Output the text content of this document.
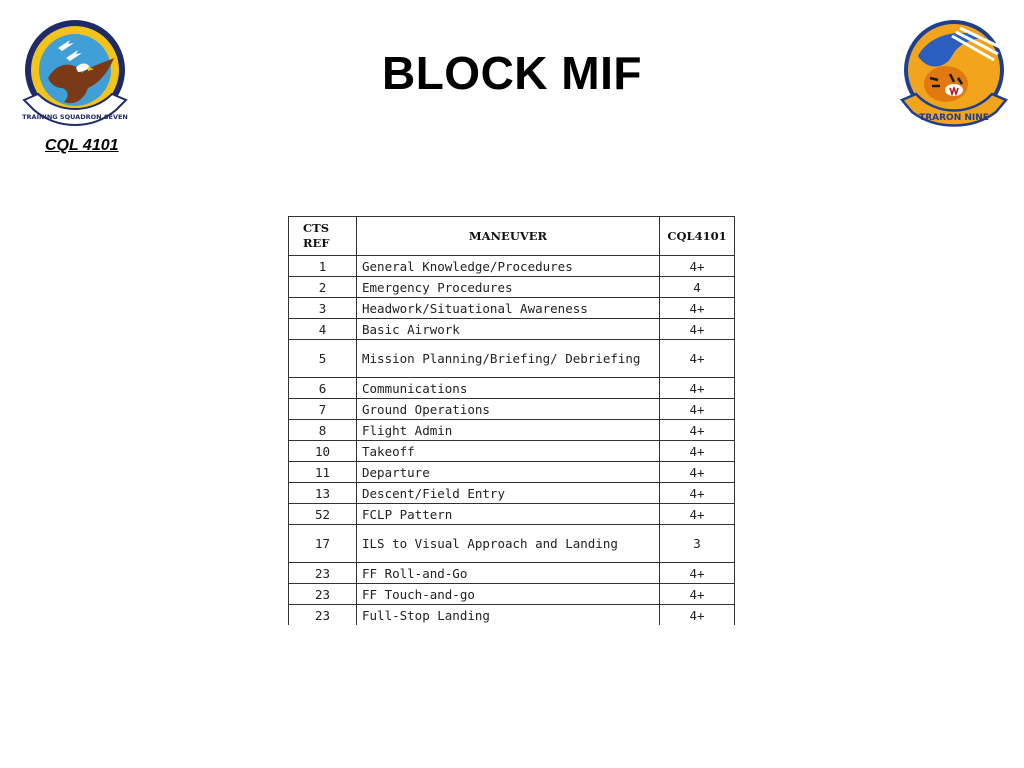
TRAINING SQUADRON SEVEN
BLOCK MIF
TRARON NINE
CQL 4101
CTS
REF	MANEUVER	CQL4101
1	General Knowledge/Procedures	4+
2	Emergency Procedures	4
3	Headwork/Situational Awareness	4+
4	Basic Airwork	4+
5	Mission Planning/Briefing/ Debriefing	4+
6	Communications	4+
7	Ground Operations	4+
8	Flight Admin	4+
10	Takeoff	4+
11	Departure	4+
13	Descent/Field Entry	4+
52	FCLP Pattern	4+
17	ILS to Visual Approach and Landing	3
23	FF Roll-and-Go	4+
23	FF Touch-and-go	4+
23	Full-Stop Landing	4+
